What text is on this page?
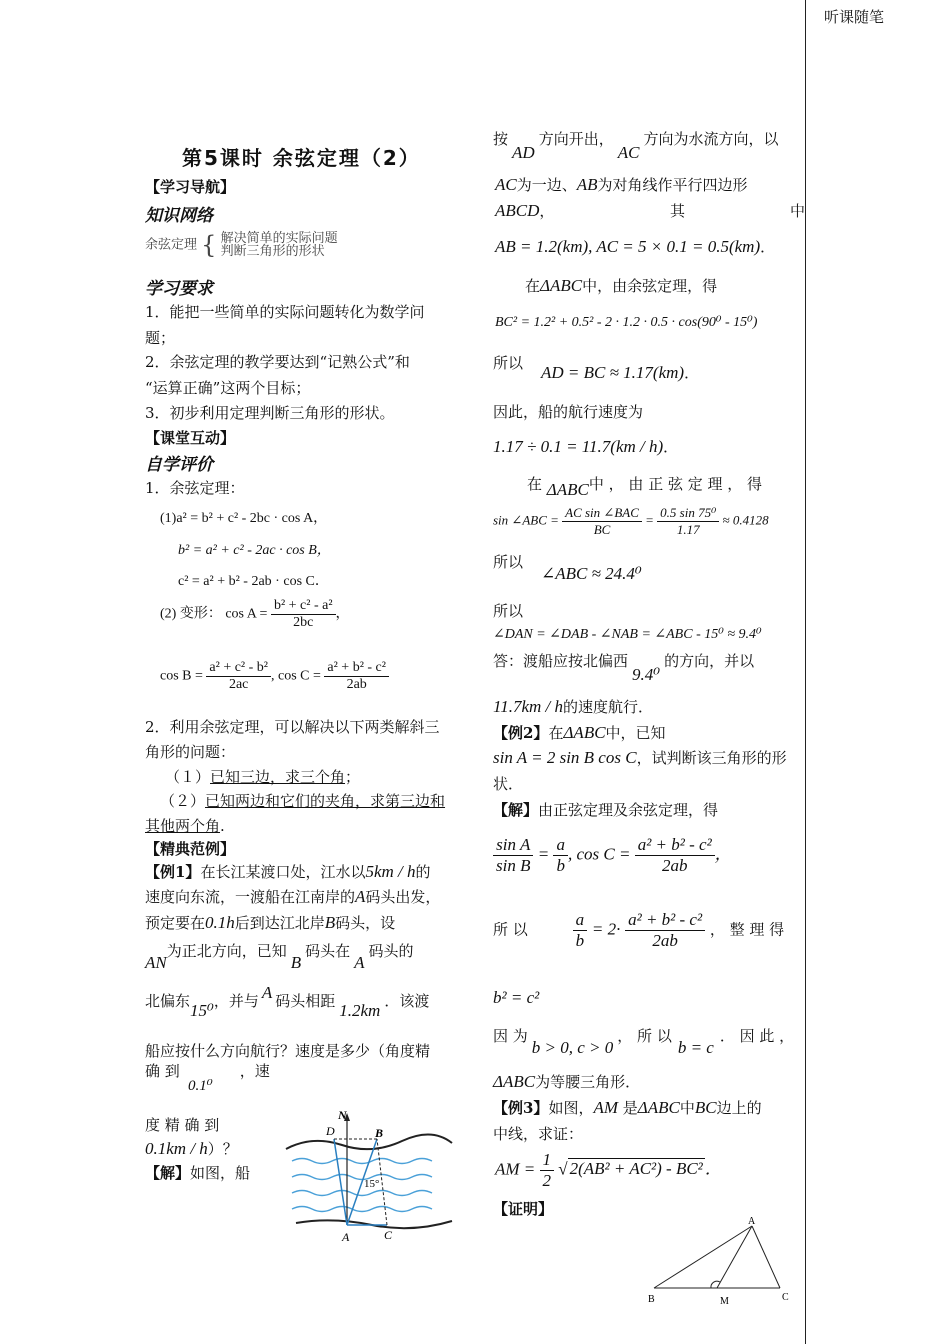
听课随笔
第5课时 余弦定理（2）
【学习导航】
知识网络
余弦定理 { 解决简单的实际问题
判断三角形的形状
学习要求
1．能把一些简单的实际问题转化为数学问
题；
2．余弦定理的教学要达到“记熟公式”和
“运算正确”这两个目标；
3．初步利用定理判断三角形的形状。
【课堂互动】
自学评价
1．余弦定理：
(1)a² = b² + c² - 2bc · cos A，
b² = a² + c² - 2ac · cos B，
c² = a² + b² - 2ab · cos C．
(2) 变形： $\cos A = \frac{\text{b² + c² - a²}}{2bc}$ ，
$\cos B = \frac{\text{a² + c² - b²}}{2ac}$ , $\cos C = \frac{\text{a² + b² - c²}}{2ab}$
2．利用余弦定理，可以解决以下两类解斜三
角形的问题：
（１）已知三边，求三个角；
（２）已知两边和它们的夹角，求第三边和
其他两个角.
【精典范例】
【例1】在长江某渡口处，江水以5km / h的
速度向东流，一渡船在江南岸的A码头出发，
预定要在0.1h后到达江北岸B码头，设
AN为正北方向，已知B码头在A码头的
北偏东15⁰，并与 A 码头相距 1.2km ．该渡
船应按什么方向航行？速度是多少（角度精
确 到	，速
0.1⁰
度 精 确 到
0.1km / h）？
【解】如图，船
N
D	B
15°
A	C
按AD方向开出，AC方向为水流方向，以
AC为一边、AB为对角线作平行四边形
ABCD，	其	中
AB = 1.2(km), AC = 5 × 0.1 = 0.5(km)．
在ΔABC中，由余弦定理，得
BC² = 1.2² + 0.5² - 2 · 1.2 · 0.5 · cos(90⁰ - 15⁰)
所以 AD = BC ≈ 1.17(km)．
因此，船的航行速度为
1.17 ÷ 0.1 = 11.7(km / h)．
在 ΔABC中 ， 由 正 弦 定 理 ， 得
sin ∠ABC = $\frac{\text{AC sin ∠BAC}}{BC} = \frac{\text{0.5 sin 75⁰}}{1.17} \approx 0.4128$
所以
∠ABC ≈ 24.4⁰
所以
∠DAN = ∠DAB - ∠NAB = ∠ABC - 15⁰ ≈ 9.4⁰
答：渡船应按北偏西9.4⁰的方向，并以
11.7km / h的速度航行．
【例2】在ΔABC中，已知
sin A = 2 sin B cos C，试判断该三角形的形
状．
【解】由正弦定理及余弦定理，得
$\frac{\text{sin A}}{\text{sin B}} = \frac{a}{b}$ , $\cos C = \frac{\text{a² + b² - c²}}{2ab}$ ，
所 以	$\frac{a}{b} = 2\cdot \frac{\text{a² + b² - c²}}{2ab}$ ， 整 理 得
b² = c²
因 为b > 0, c > 0， 所 以b = c． 因 此 ，
ΔABC为等腰三角形．
【例3】如图，AM 是ΔABC中BC边上的
中线，求证：
AM = $\frac{1}{2}$ √ 2(AB² + AC²) - BC² ．
【证明】
A
B	M	C
